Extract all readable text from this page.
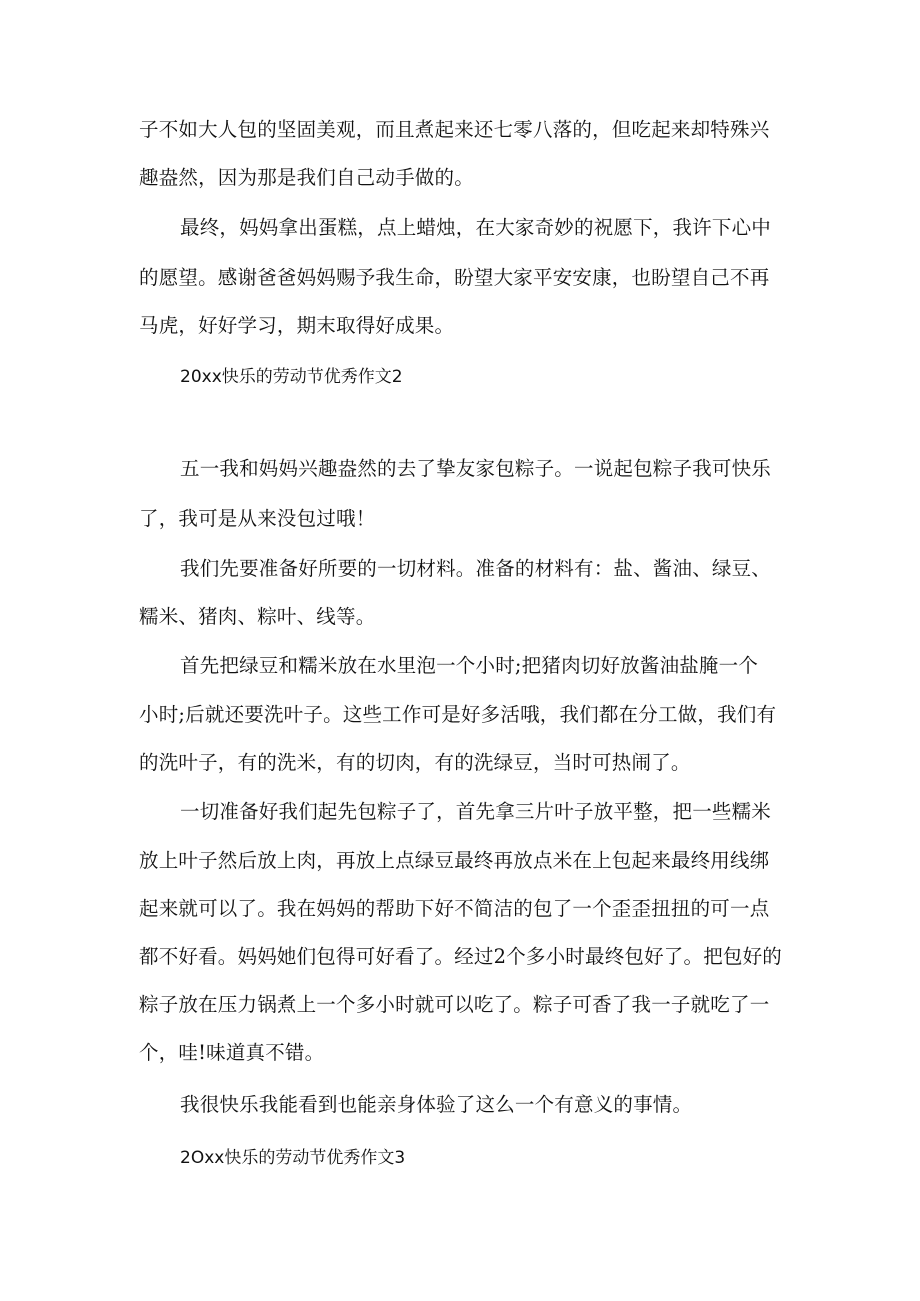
子不如大人包的坚固美观，而且煮起来还七零八落的，但吃起来却特殊兴
趣盎然，因为那是我们自己动手做的。
最终，妈妈拿出蛋糕，点上蜡烛，在大家奇妙的祝愿下，我许下心中
的愿望。感谢爸爸妈妈赐予我生命，盼望大家平安安康，也盼望自己不再
马虎，好好学习，期末取得好成果。
20xx快乐的劳动节优秀作文2
五一我和妈妈兴趣盎然的去了挚友家包粽子。一说起包粽子我可快乐
了，我可是从来没包过哦！
我们先要准备好所要的一切材料。准备的材料有：盐、酱油、绿豆、
糯米、猪肉、粽叶、线等。
首先把绿豆和糯米放在水里泡一个小时;把猪肉切好放酱油盐腌一个
小时;后就还要洗叶子。这些工作可是好多活哦，我们都在分工做，我们有
的洗叶子，有的洗米，有的切肉，有的洗绿豆，当时可热闹了。
一切准备好我们起先包粽子了，首先拿三片叶子放平整，把一些糯米
放上叶子然后放上肉，再放上点绿豆最终再放点米在上包起来最终用线绑
起来就可以了。我在妈妈的帮助下好不简洁的包了一个歪歪扭扭的可一点
都不好看。妈妈她们包得可好看了。经过2个多小时最终包好了。把包好的
粽子放在压力锅煮上一个多小时就可以吃了。粽子可香了我一子就吃了一
个，哇!味道真不错。
我很快乐我能看到也能亲身体验了这么一个有意义的事情。
2Oxx快乐的劳动节优秀作文3
